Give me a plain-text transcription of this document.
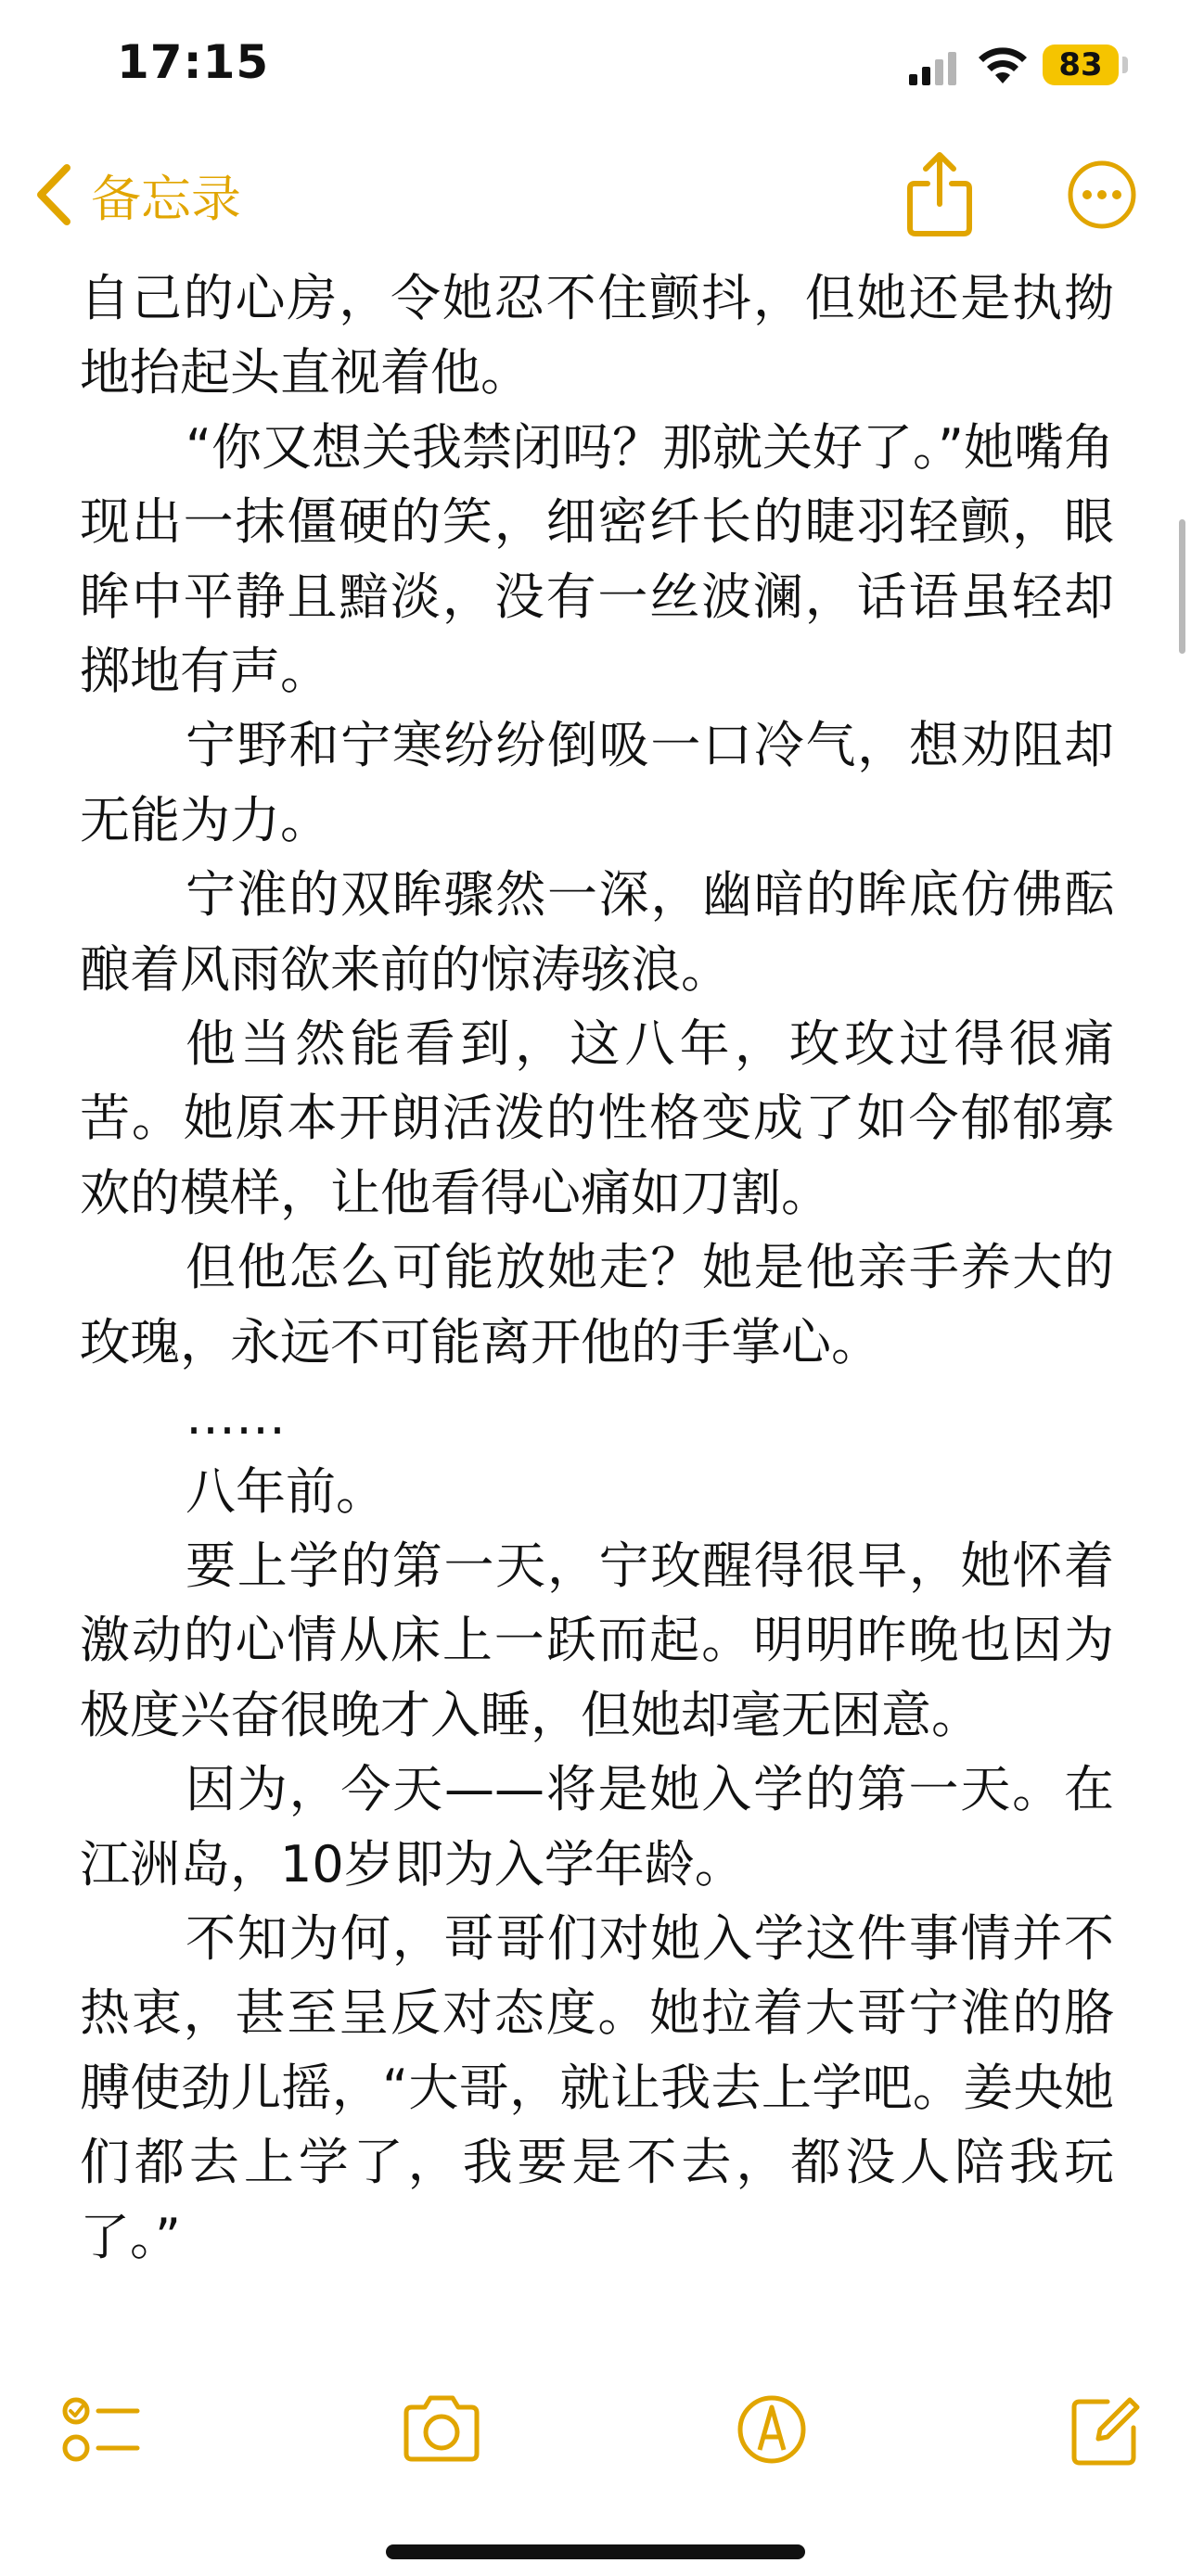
17:15	83
备忘录

自己的心房，令她忍不住颤抖，但她还是执拗地抬起头直视着他。

“你又想关我禁闭吗？那就关好了。”她嘴角现出一抹僵硬的笑，细密纤长的睫羽轻颤，眼眸中平静且黯淡，没有一丝波澜，话语虽轻却掷地有声。

宁野和宁寒纷纷倒吸一口冷气，想劝阻却无能为力。

宁淮的双眸骤然一深，幽暗的眸底仿佛酝酿着风雨欲来前的惊涛骇浪。

他当然能看到，这八年，玫玫过得很痛苦。她原本开朗活泼的性格变成了如今郁郁寡欢的模样，让他看得心痛如刀割。

但他怎么可能放她走？她是他亲手养大的玫瑰，永远不可能离开他的手掌心。

……

八年前。

要上学的第一天，宁玫醒得很早，她怀着激动的心情从床上一跃而起。明明昨晚也因为极度兴奋很晚才入睡，但她却毫无困意。

因为，今天——将是她入学的第一天。在江洲岛，10岁即为入学年龄。

不知为何，哥哥们对她入学这件事情并不热衷，甚至呈反对态度。她拉着大哥宁淮的胳膊使劲儿摇，“大哥，就让我去上学吧。姜央她们都去上学了，我要是不去，都没人陪我玩了。”
